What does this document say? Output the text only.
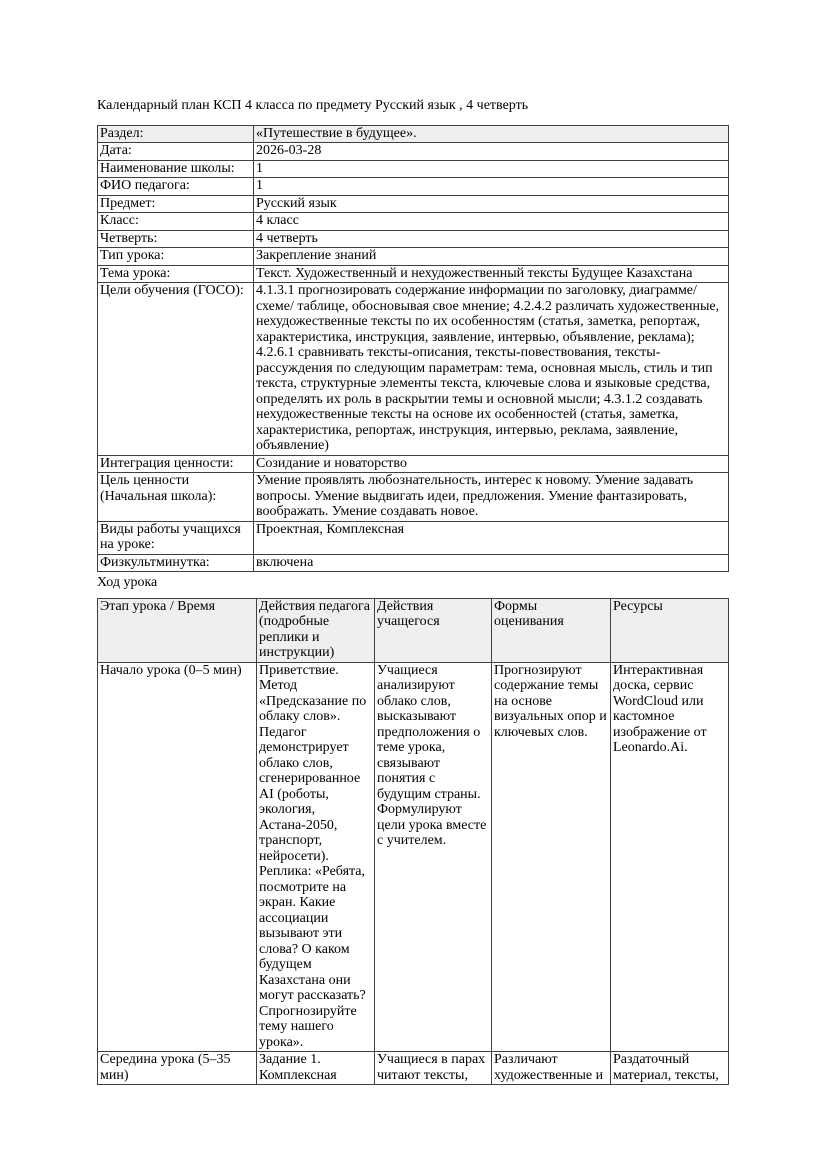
Календарный план КСП 4 класса по предмету Русский язык , 4 четверть

Раздел:	«Путешествие в будущее».
Дата:	2026-03-28
Наименование школы:	1
ФИО педагога:	1
Предмет:	Русский язык
Класс:	4 класс
Четверть:	4 четверть
Тип урока:	Закрепление знаний
Тема урока:	Текст. Художественный и нехудожественный тексты Будущее Казахстана
Цели обучения (ГОСО):	4.1.3.1 прогнозировать содержание информации по заголовку, диаграмме/схеме/ таблице, обосновывая свое мнение; 4.2.4.2 различать художественные, нехудожественные тексты по их особенностям (статья, заметка, репортаж, характеристика, инструкция, заявление, интервью, объявление, реклама); 4.2.6.1 сравнивать тексты-описания, тексты-повествования, тексты-рассуждения по следующим параметрам: тема, основная мысль, стиль и тип текста, структурные элементы текста, ключевые слова и языковые средства, определять их роль в раскрытии темы и основной мысли; 4.3.1.2 создавать нехудожественные тексты на основе их особенностей (статья, заметка, характеристика, репортаж, инструкция, интервью, реклама, заявление, объявление)
Интеграция ценности:	Созидание и новаторство
Цель ценности (Начальная школа):	Умение проявлять любознательность, интерес к новому. Умение задавать вопросы. Умение выдвигать идеи, предложения. Умение фантазировать, воображать. Умение создавать новое.
Виды работы учащихся на уроке:	Проектная, Комплексная
Физкультминутка:	включена

Ход урока

Этап урока / Время	Действия педагога (подробные реплики и инструкции)	Действия учащегося	Формы оценивания	Ресурсы
Начало урока (0–5 мин)	Приветствие. Метод «Предсказание по облаку слов». Педагог демонстрирует облако слов, сгенерированное AI (роботы, экология, Астана-2050, транспорт, нейросети). Реплика: «Ребята, посмотрите на экран. Какие ассоциации вызывают эти слова? О каком будущем Казахстана они могут рассказать? Спрогнозируйте тему нашего урока».	Учащиеся анализируют облако слов, высказывают предположения о теме урока, связывают понятия с будущим страны. Формулируют цели урока вместе с учителем.	Прогнозируют содержание темы на основе визуальных опор и ключевых слов.	Интерактивная доска, сервис WordCloud или кастомное изображение от Leonardo.Ai.
Середина урока (5–35 мин)	Задание 1. Комплексная	Учащиеся в парах читают тексты,	Различают художественные и	Раздаточный материал, тексты,
